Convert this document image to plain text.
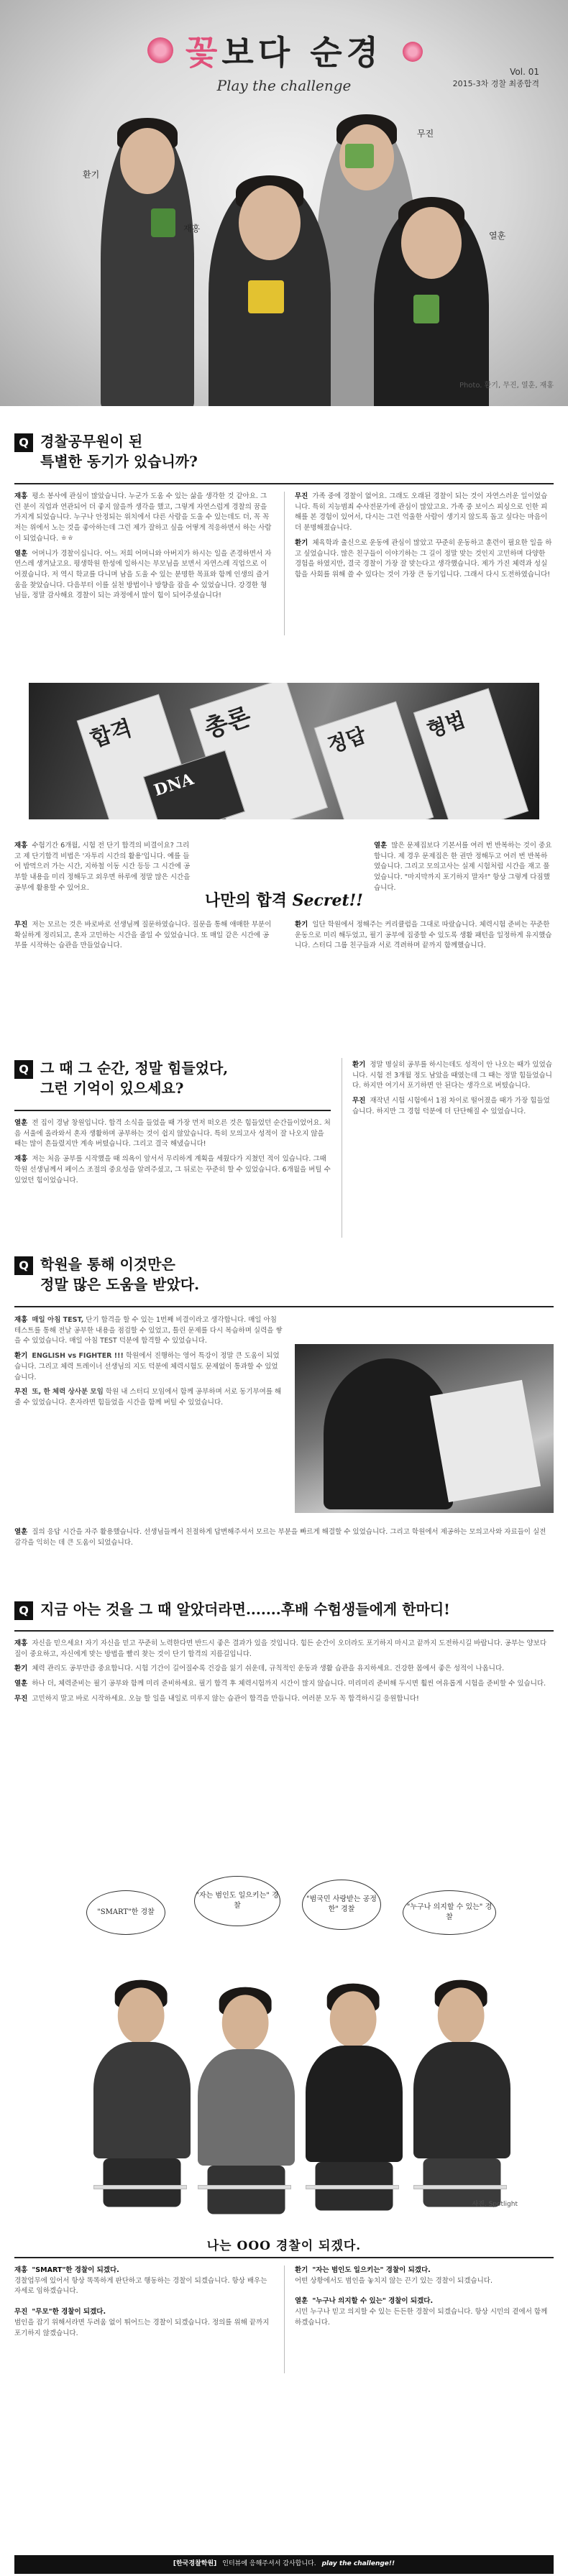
꽃보다 순경
Play the challenge
Vol. 01
2015-3차 경찰 최종합격
환기
무진
재홍
열훈
Photo. 환기, 무진, 열훈, 재홍
Q 경찰공무원이 된
특별한 동기가 있습니까?

재홍 평소 봉사에 관심이 많았습니다. 누군가 도움 수 있는 삶을 생각한 것 같아요. 그런 분이 직업과 연관되어 더 좋지 않을까 생각을 했고, 그렇게 자연스럽게 경찰의 꿈을 가지게 되었습니다. 누구나 안정되는 위치에서 다른 사람을 도울 수 있는데도 더, 꼭 꼭 저는 위에서 노는 것을 좋아하는데 그런 제가 잘하고 싶을 어떻게 적응하면서 하는 사람이 되었습니다. ㅎㅎ

열훈 어머니가 경찰이십니다. 어느 저희 어머니와 아버지가 하시는 일을 존경하면서 자연스레 생겨났고요. 평생학원 한성에 일하시는 부모님을 보면서 자연스레 직업으로 이어졌습니다. 저 역시 학교를 다니며 남을 도울 수 있는 분명한 목표와 함께 인생의 즐거움을 찾았습니다. 다음부터 이를 실천 방법이나 방향을 잡을 수 있었습니다. 강경한 형님들, 정말 감사해요 경찰이 되는 과정에서 많이 힘이 되어주셨습니다!

무진 가족 중에 경찰이 없어요. 그래도 오래된 경찰이 되는 것이 자연스러운 일이었습니다. 특히 지능범죄 수사전문가에 관심이 많았고요. 가족 중 보이스 피싱으로 인한 피해를 본 경험이 있어서, 다시는 그런 억울한 사람이 생기지 않도록 돕고 싶다는 마음이 더 분명해졌습니다.

환기 체육학과 출신으로 운동에 관심이 많았고 꾸준히 운동하고 훈련이 필요한 일을 하고 싶었습니다. 많은 친구들이 이야기하는 그 길이 정말 맞는 것인지 고민하며 다양한 경험을 하였지만, 결국 경찰이 가장 잘 맞는다고 생각했습니다. 제가 가진 체력과 성실함을 사회를 위해 쓸 수 있다는 것이 가장 큰 동기입니다. 그래서 다시 도전하였습니다!

합격	총론	정답	형법
DNA

재홍 수험기간 6개월, 시험 전 단기 합격의 비결이요? 그리고 제 단기합격 비법은 '자투리 시간의 활용'입니다. 예를 들어 밥먹으러 가는 시간, 지하철 이동 시간 등등 그 시간에 공부할 내용을 미리 정해두고 외우면 하루에 정말 많은 시간을 공부에 활용할 수 있어요.

나만의 합격 Secret!!

열훈 많은 문제집보다 기본서를 여러 번 반복하는 것이 중요합니다. 제 경우 문제집은 한 권만 정해두고 여러 번 반복하였습니다. 그리고 모의고사는 실제 시험처럼 시간을 재고 풀었습니다. "마지막까지 포기하지 말자!" 항상 그렇게 다짐했습니다.

무진 저는 모르는 것은 바로바로 선생님께 질문하였습니다. 질문을 통해 애매한 부분이 확실하게 정리되고, 혼자 고민하는 시간을 줄일 수 있었습니다. 또 매일 같은 시간에 공부를 시작하는 습관을 만들었습니다.

환기 일단 학원에서 정해주는 커리큘럼을 그대로 따랐습니다. 체력시험 준비는 꾸준한 운동으로 미리 해두었고, 필기 공부에 집중할 수 있도록 생활 패턴을 일정하게 유지했습니다. 스터디 그룹 친구들과 서로 격려하며 끝까지 함께했습니다.

Q 그 때 그 순간, 정말 힘들었다,
그런 기억이 있으세요?

열훈 전 집이 경남 창원입니다. 합격 소식을 들었을 때 가장 먼저 떠오른 것은 힘들었던 순간들이었어요. 처음 서울에 올라와서 혼자 생활하며 공부하는 것이 쉽지 않았습니다. 특히 모의고사 성적이 잘 나오지 않을 때는 많이 흔들렸지만 계속 버텼습니다. 그리고 결국 해냈습니다!

재홍 저는 처음 공부를 시작했을 때 의욕이 앞서서 무리하게 계획을 세웠다가 지쳤던 적이 있습니다. 그때 학원 선생님께서 페이스 조절의 중요성을 알려주셨고, 그 뒤로는 꾸준히 할 수 있었습니다. 6개월을 버틸 수 있었던 힘이었습니다.

환기 정말 명실히 공부를 하시는데도 성적이 안 나오는 때가 있었습니다. 시험 전 3개월 정도 남았을 때였는데 그 때는 정말 힘들었습니다. 하지만 여기서 포기하면 안 된다는 생각으로 버텼습니다.

무진 재작년 시험 시험에서 1점 차이로 떨어졌을 때가 가장 힘들었습니다. 하지만 그 경험 덕분에 더 단단해질 수 있었습니다.

Q 학원을 통해 이것만은
정말 많은 도움을 받았다.

재홍 매일 아침 TEST, 단기 합격을 할 수 있는 1번째 비결이라고 생각합니다. 매일 아침 테스트를 통해 전날 공부한 내용을 점검할 수 있었고, 틀린 문제를 다시 복습하며 실력을 쌓을 수 있었습니다. 매일 아침 TEST 덕분에 합격할 수 있었습니다.

환기 ENGLISH vs FIGHTER !!! 학원에서 진행하는 영어 특강이 정말 큰 도움이 되었습니다. 그리고 체력 트레이너 선생님의 지도 덕분에 체력시험도 문제없이 통과할 수 있었습니다.

무진 또, 한 체력 상사분 모임 학원 내 스터디 모임에서 함께 공부하며 서로 동기부여를 해줄 수 있었습니다. 혼자라면 힘들었을 시간을 함께 버틸 수 있었습니다.

열훈 질의 응답 시간을 자주 활용했습니다. 선생님들께서 친절하게 답변해주셔서 모르는 부분을 빠르게 해결할 수 있었습니다. 그리고 학원에서 제공하는 모의고사와 자료들이 실전 감각을 익히는 데 큰 도움이 되었습니다.

Q 지금 아는 것을 그 때 알았더라면.......후배 수험생들에게 한마디!

재홍 자신을 믿으세요! 자기 자신을 믿고 꾸준히 노력한다면 반드시 좋은 결과가 있을 것입니다. 힘든 순간이 오더라도 포기하지 마시고 끝까지 도전하시길 바랍니다. 공부는 양보다 질이 중요하고, 자신에게 맞는 방법을 빨리 찾는 것이 단기 합격의 지름길입니다.

환기 체력 관리도 공부만큼 중요합니다. 시험 기간이 길어질수록 건강을 잃기 쉬운데, 규칙적인 운동과 생활 습관을 유지하세요. 건강한 몸에서 좋은 성적이 나옵니다.

열훈 하나 더, 체력준비는 필기 공부와 함께 미리 준비하세요. 필기 합격 후 체력시험까지 시간이 많지 않습니다. 미리미리 준비해 두시면 훨씬 여유롭게 시험을 준비할 수 있습니다.

무진 고민하지 말고 바로 시작하세요. 오늘 할 일을 내일로 미루지 않는 습관이 합격을 만듭니다. 여러분 모두 꼭 합격하시길 응원합니다!

"SMART"한 경찰
"자는 범인도 일으키는" 경찰
"범국민 사랑받는 공정한" 경찰	"누구나 의지할 수 있는" 경찰
사진. Spotlight
나는 OOO 경찰이 되겠다.
[한국경찰학원] 인터뷰에 응해주셔서 감사합니다. play the challenge!!

재홍 "SMART"한 경찰이 되겠다.
경찰업무에 있어서 항상 똑똑하게 판단하고 행동하는 경찰이 되겠습니다. 항상 배우는 자세로 임하겠습니다.

무진 "무모"한 경찰이 되겠다.
범인을 잡기 위해서라면 두려움 없이 뛰어드는 경찰이 되겠습니다. 정의를 위해 끝까지 포기하지 않겠습니다.

환기 "자는 범인도 일으키는" 경찰이 되겠다.
어떤 상황에서도 범인을 놓치지 않는 끈기 있는 경찰이 되겠습니다.

열훈 "누구나 의지할 수 있는" 경찰이 되겠다.
시민 누구나 믿고 의지할 수 있는 든든한 경찰이 되겠습니다. 항상 시민의 곁에서 함께하겠습니다.
